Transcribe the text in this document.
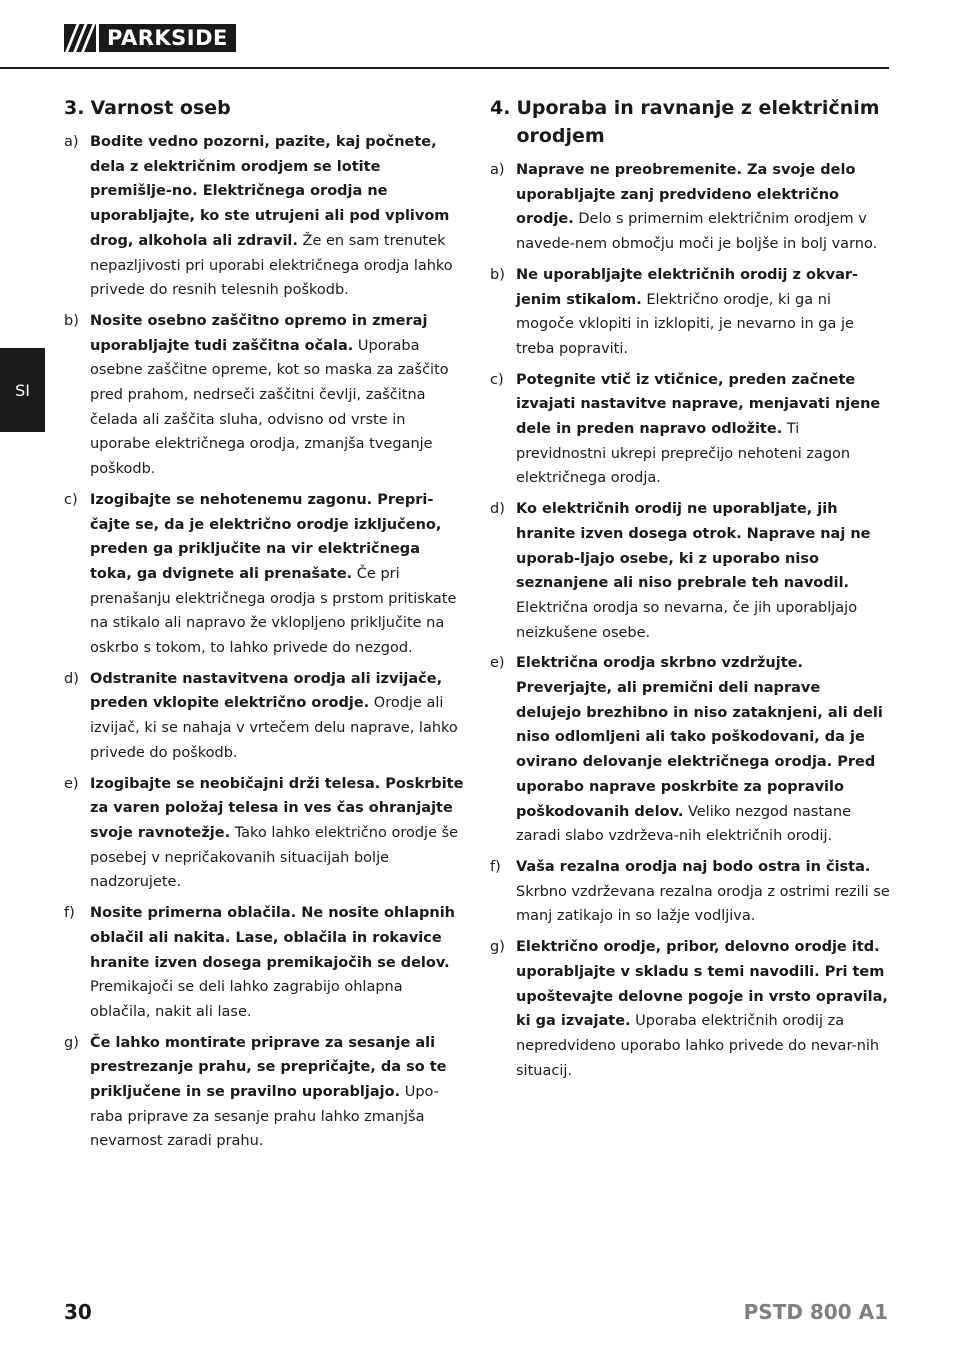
PARKSIDE
SI
3. Varnost oseb
a) Bodite vedno pozorni, pazite, kaj počnete, dela z električnim orodjem se lotite premišlje-no. Električnega orodja ne uporabljajte, ko ste utrujeni ali pod vplivom drog, alkohola ali zdravil. Že en sam trenutek nepazljivosti pri uporabi električnega orodja lahko privede do resnih telesnih poškodb.
b) Nosite osebno zaščitno opremo in zmeraj uporabljajte tudi zaščitna očala. Uporaba osebne zaščitne opreme, kot so maska za zaščito pred prahom, nedrseči zaščitni čevlji, zaščitna čelada ali zaščita sluha, odvisno od vrste in uporabe električnega orodja, zmanjša tveganje poškodb.
c) Izogibajte se nehotenemu zagonu. Prepri-čajte se, da je električno orodje izključeno, preden ga priključite na vir električnega toka, ga dvignete ali prenašate. Če pri prenašanju električnega orodja s prstom pritiskate na stikalo ali napravo že vklopljeno priključite na oskrbo s tokom, to lahko privede do nezgod.
d) Odstranite nastavitvena orodja ali izvijače, preden vklopite električno orodje. Orodje ali izvijač, ki se nahaja v vrtečem delu naprave, lahko privede do poškodb.
e) Izogibajte se neobičajni drži telesa. Poskrbite za varen položaj telesa in ves čas ohranjajte svoje ravnotežje. Tako lahko električno orodje še posebej v nepričakovanih situacijah bolje nadzorujete.
f)	Nosite primerna oblačila. Ne nosite ohlapnih oblačil ali nakita. Lase, oblačila in rokavice hranite izven dosega premikajočih se delov. Premikajoči se deli lahko zagrabijo ohlapna oblačila, nakit ali lase.
g) Če lahko montirate priprave za sesanje ali prestrezanje prahu, se prepričajte, da so te priključene in se pravilno uporabljajo. Upo-raba priprave za sesanje prahu lahko zmanjša nevarnost zaradi prahu.
4. Uporaba in ravnanje z električnim orodjem
a) Naprave ne preobremenite. Za svoje delo uporabljajte zanj predvideno električno orodje. Delo s primernim električnim orodjem v navede-nem območju moči je boljše in bolj varno.
b) Ne uporabljajte električnih orodij z okvar-jenim stikalom. Električno orodje, ki ga ni mogoče vklopiti in izklopiti, je nevarno in ga je treba popraviti.
c) Potegnite vtič iz vtičnice, preden začnete izvajati nastavitve naprave, menjavati njene dele in preden napravo odložite. Ti previdnostni ukrepi preprečijo nehoteni zagon električnega orodja.
d) Ko električnih orodij ne uporabljate, jih hranite izven dosega otrok. Naprave naj ne uporab-ljajo osebe, ki z uporabo niso seznanjene ali niso prebrale teh navodil. Električna orodja so nevarna, če jih uporabljajo neizkušene osebe.
e) Električna orodja skrbno vzdržujte. Preverjajte, ali premični deli naprave delujejo brezhibno in niso zataknjeni, ali deli niso odlomljeni ali tako poškodovani, da je ovirano delovanje električnega orodja. Pred uporabo naprave poskrbite za popravilo poškodovanih delov. Veliko nezgod nastane zaradi slabo vzdrževa-nih električnih orodij.
f)	Vaša rezalna orodja naj bodo ostra in čista. Skrbno vzdrževana rezalna orodja z ostrimi rezili se manj zatikajo in so lažje vodljiva.
g) Električno orodje, pribor, delovno orodje itd. uporabljajte v skladu s temi navodili. Pri tem upoštevajte delovne pogoje in vrsto opravila, ki ga izvajate. Uporaba električnih orodij za nepredvideno uporabo lahko privede do nevar-nih situacij.
30	PSTD 800 A1
